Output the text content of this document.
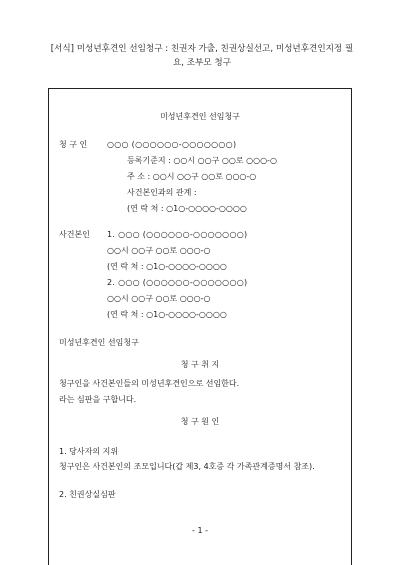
[서식] 미성년후견인 선임청구 : 친권자 가출, 친권상실선고, 미성년후견인지정 필요, 조부모 청구
미성년후견인 선임청구
청 구 인 ○○○ (○○○○○○-○○○○○○○)
등록기준지 : ○○시 ○○구 ○○로 ○○○-○
주 소 : ○○시 ○○구 ○○로 ○○○-○
사건본인과의 관계 :
(연 락 처 : ○1○-○○○○-○○○○
사건본인 1. ○○○ (○○○○○○-○○○○○○○)
○○시 ○○구 ○○로 ○○○-○
(연 락 처 : ○1○-○○○○-○○○○
2. ○○○ (○○○○○○-○○○○○○○)
○○시 ○○구 ○○로 ○○○-○
(연 락 처 : ○1○-○○○○-○○○○
미성년후견인 선임청구
청 구 취 지
청구인을 사건본인들의 미성년후견인으로 선임한다.
라는 심판을 구합니다.
청 구 원 인
1. 당사자의 지위
청구인은 사건본인의 조모입니다(갑 제3, 4호증 각 가족관계증명서 참조).
2. 친권상실심판
- 1 -
